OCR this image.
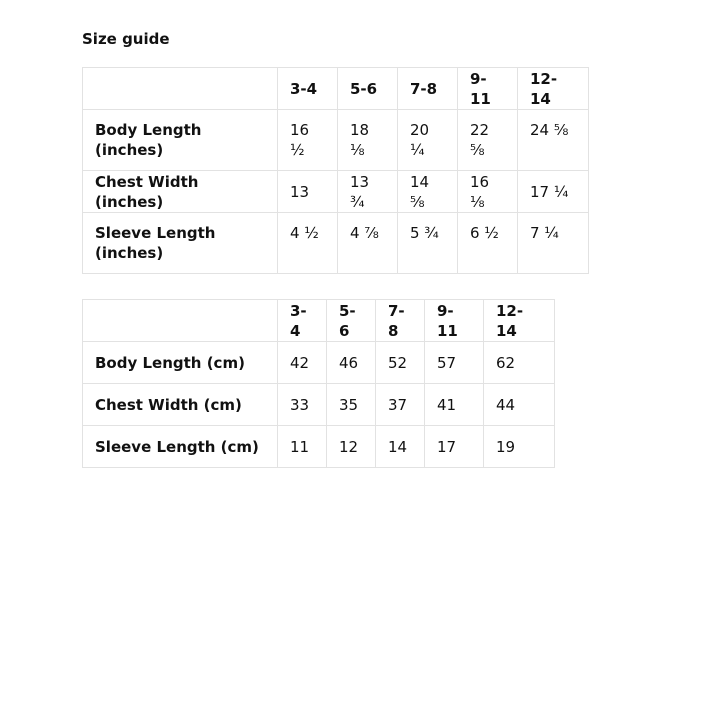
Size guide
	3-4	5-6	7-8	9-11	12-14
Body Length (inches)	16 ½	18 ⅛	20 ¼	22 ⅝	24 ⅝
Chest Width (inches)	13	13 ¾	14 ⅝	16 ⅛	17 ¼
Sleeve Length (inches)	4 ½	4 ⅞	5 ¾	6 ½	7 ¼
	3-4	5-6	7-8	9-11	12-14
Body Length (cm)	42	46	52	57	62
Chest Width (cm)	33	35	37	41	44
Sleeve Length (cm)	11	12	14	17	19
